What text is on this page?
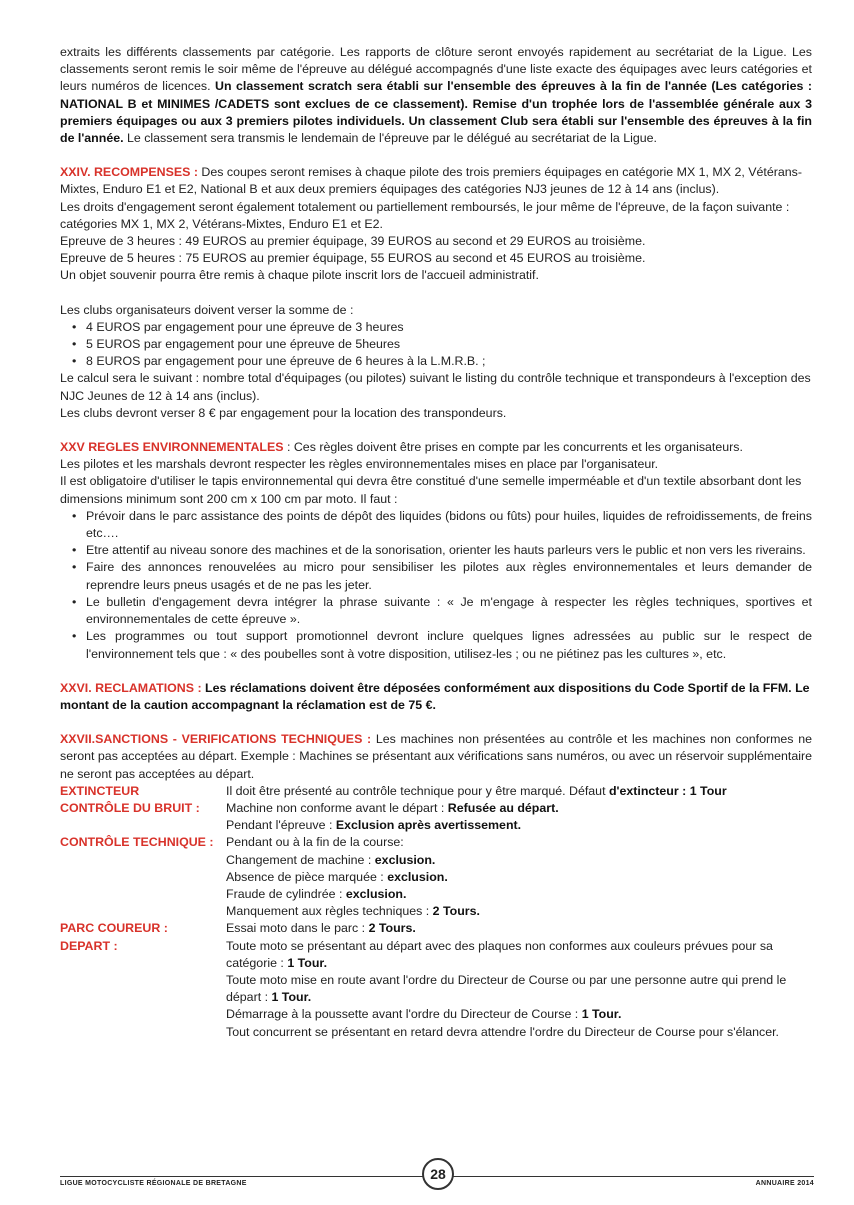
extraits les différents classements par catégorie. Les rapports de clôture seront envoyés rapidement au secrétariat de la Ligue. Les classements seront remis le soir même de l'épreuve au délégué accompagnés d'une liste exacte des équipages avec leurs catégories et leurs numéros de licences. Un classement scratch sera établi sur l'ensemble des épreuves à la fin de l'année (Les catégories : NATIONAL B et MINIMES /CADETS sont exclues de ce classement). Remise d'un trophée lors de l'assemblée générale aux 3 premiers équipages ou aux 3 premiers pilotes individuels. Un classement Club sera établi sur l'ensemble des épreuves à la fin de l'année. Le classement sera transmis le lendemain de l'épreuve par le délégué au secrétariat de la Ligue.

XXIV. RECOMPENSES : Des coupes seront remises à chaque pilote des trois premiers équipages en catégorie MX 1, MX 2, Vétérans-Mixtes, Enduro E1 et E2, National B et aux deux premiers équipages des catégories NJ3 jeunes de 12 à 14 ans (inclus).

Les droits d'engagement seront également totalement ou partiellement remboursés, le jour même de l'épreuve, de la façon suivante : catégories MX 1, MX 2, Vétérans-Mixtes, Enduro E1 et E2.

Epreuve de 3 heures : 49 EUROS au premier équipage, 39 EUROS au second et 29 EUROS au troisième.

Epreuve de 5 heures : 75 EUROS au premier équipage, 55 EUROS au second et 45 EUROS au troisième.

Un objet souvenir pourra être remis à chaque pilote inscrit lors de l'accueil administratif.

Les clubs organisateurs doivent verser la somme de :

• 4 EUROS par engagement pour une épreuve de 3 heures
• 5 EUROS par engagement pour une épreuve de 5heures
• 8 EUROS par engagement pour une épreuve de 6 heures à la L.M.R.B. ;

Le calcul sera le suivant : nombre total d'équipages (ou pilotes) suivant le listing du contrôle technique et transpondeurs à l'exception des NJC Jeunes de 12 à 14 ans (inclus).

Les clubs devront verser 8 € par engagement pour la location des transpondeurs.

XXV REGLES ENVIRONNEMENTALES : Ces règles doivent être prises en compte par les concurrents et les organisateurs.

Les pilotes et les marshals devront respecter les règles environnementales mises en place par l'organisateur.

Il est obligatoire d'utiliser le tapis environnemental qui devra être constitué d'une semelle imperméable et d'un textile absorbant dont les dimensions minimum sont 200 cm x 100 cm par moto. Il faut :

• Prévoir dans le parc assistance des points de dépôt des liquides (bidons ou fûts) pour huiles, liquides de refroidissements, de freins etc….
• Etre attentif au niveau sonore des machines et de la sonorisation, orienter les hauts parleurs vers le public et non vers les riverains.
• Faire des annonces renouvelées au micro pour sensibiliser les pilotes aux règles environnementales et leurs demander de reprendre leurs pneus usagés et de ne pas les jeter.
• Le bulletin d'engagement devra intégrer la phrase suivante : « Je m'engage à respecter les règles techniques, sportives et environnementales de cette épreuve ».
• Les programmes ou tout support promotionnel devront inclure quelques lignes adressées au public sur le respect de l'environnement tels que : « des poubelles sont à votre disposition, utilisez-les ; ou ne piétinez pas les cultures », etc.

XXVI. RECLAMATIONS : Les réclamations doivent être déposées conformément aux dispositions du Code Sportif de la FFM. Le montant de la caution accompagnant la réclamation est de 75 €.

XXVII.SANCTIONS - VERIFICATIONS TECHNIQUES : Les machines non présentées au contrôle et les machines non conformes ne seront pas acceptées au départ. Exemple : Machines se présentant aux vérifications sans numéros, ou avec un réservoir supplémentaire ne seront pas acceptées au départ.

EXTINCTEUR	Il doit être présenté au contrôle technique pour y être marqué. Défaut d'extincteur : 1 Tour
CONTRÔLE DU BRUIT :	Machine non conforme avant le départ : Refusée au départ.
Pendant l'épreuve : Exclusion après avertissement.
CONTRÔLE TECHNIQUE :	Pendant ou à la fin de la course:
Changement de machine : exclusion.
Absence de pièce marquée : exclusion.
Fraude de cylindrée : exclusion.
Manquement aux règles techniques : 2 Tours.
PARC COUREUR :	Essai moto dans le parc : 2 Tours.
DEPART :	Toute moto se présentant au départ avec des plaques non conformes aux couleurs prévues pour sa catégorie : 1 Tour.
Toute moto mise en route avant l'ordre du Directeur de Course ou par une personne autre qui prend le départ : 1 Tour.
Démarrage à la poussette avant l'ordre du Directeur de Course : 1 Tour.
Tout concurrent se présentant en retard devra attendre l'ordre du Directeur de Course pour s'élancer.
LIGUE MOTOCYCLISTE RÉGIONALE DE BRETAGNE
28
ANNUAIRE 2014
